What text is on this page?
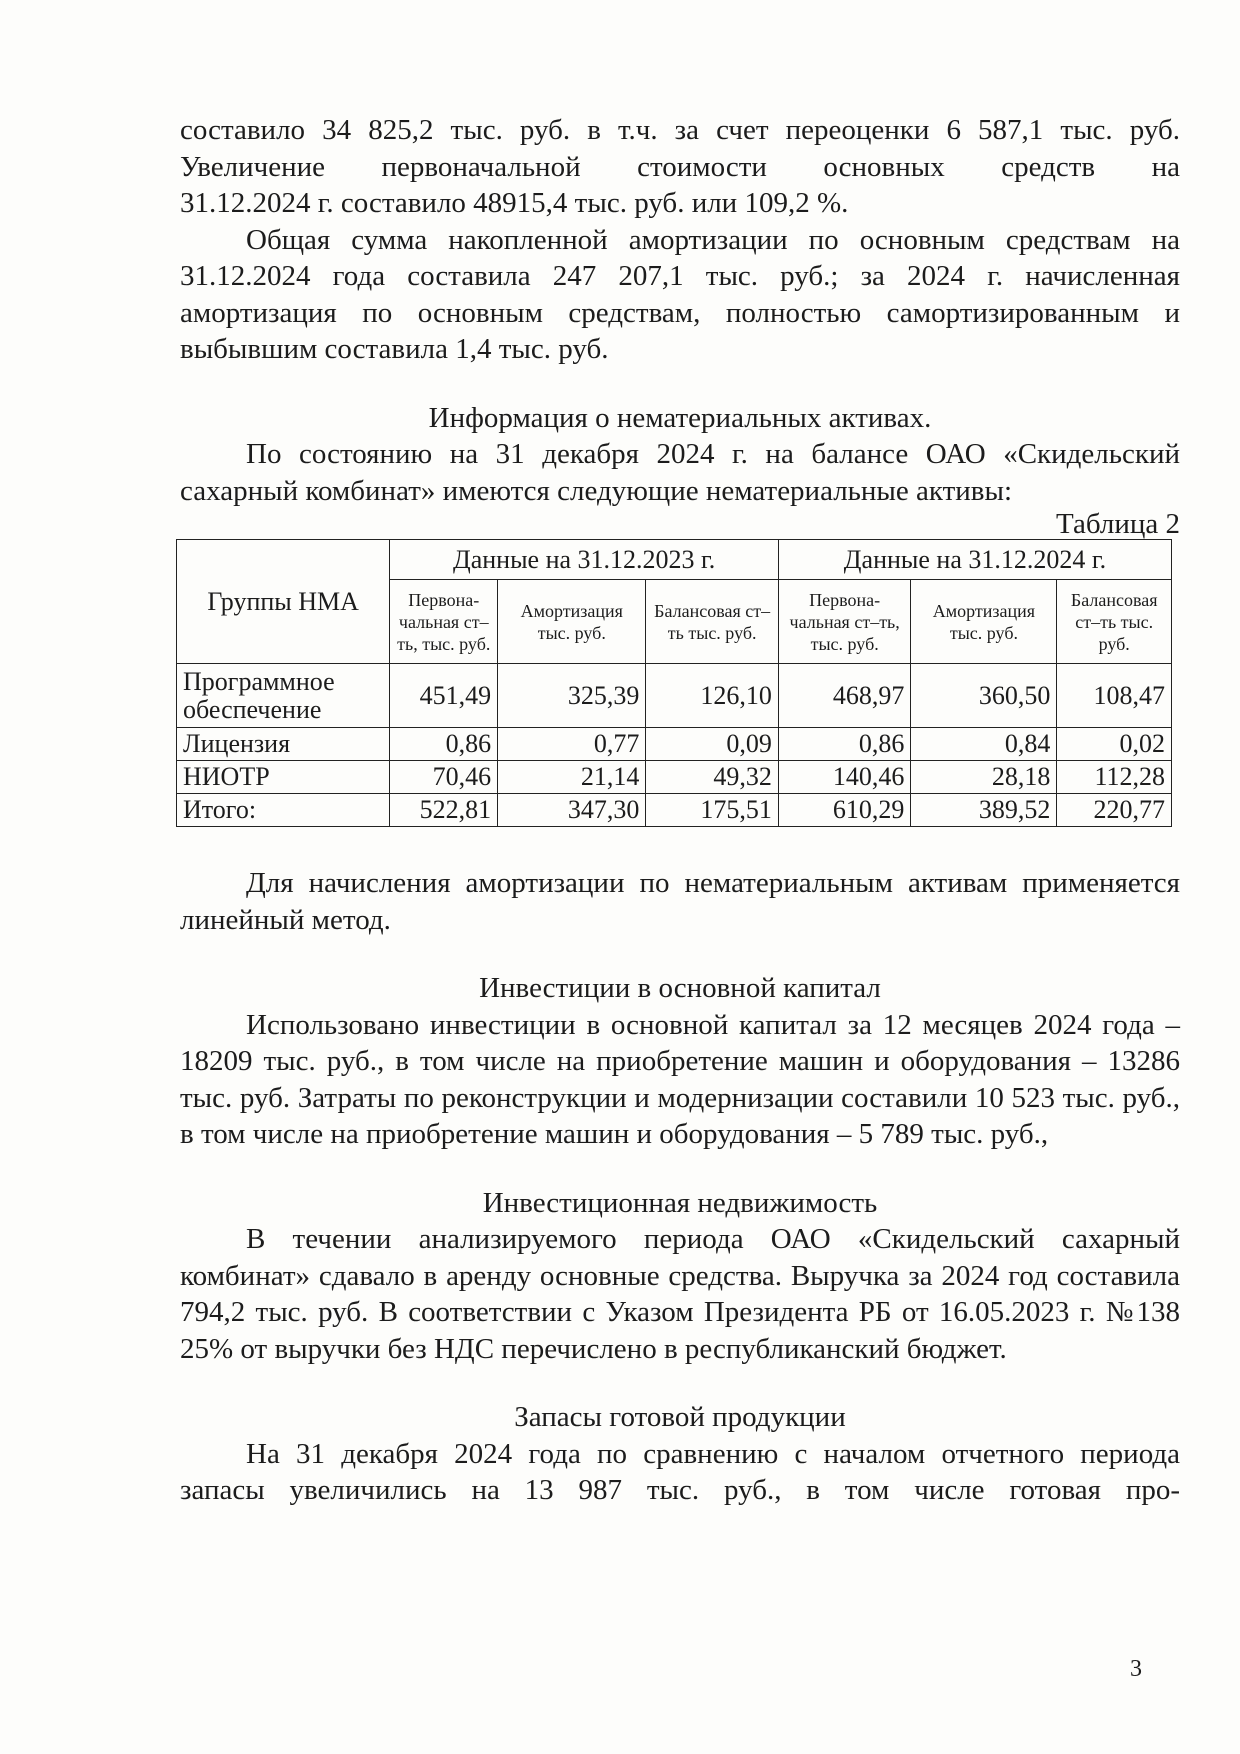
составило 34 825,2 тыс. руб. в т.ч. за счет переоценки 6 587,1 тыс. руб.

Увеличение первоначальной стоимости основных средств на

31.12.2024 г. составило 48915,4 тыс. руб. или 109,2 %.

Общая сумма накопленной амортизации по основным средствам на 31.12.2024 года составила 247 207,1 тыс. руб.; за 2024 г. начисленная амортизация по основным средствам, полностью самортизированным и выбывшим составила 1,4 тыс. руб.

Информация о нематериальных активах.

По состоянию на 31 декабря 2024 г. на балансе ОАО «Скидельский сахарный комбинат» имеются следующие нематериальные активы:

Таблица 2

Группы НМА	Данные на 31.12.2023 г.			Данные на 31.12.2024 г.		
	Первона-чальная ст–ть, тыс. руб.	Амортизация тыс. руб.	Балансовая ст–ть тыс. руб.	Первона-чальная ст–ть, тыс. руб.	Амортизация тыс. руб.	Балансовая ст–ть тыс. руб.
Программное обеспечение	451,49	325,39	126,10	468,97	360,50	108,47
Лицензия	0,86	0,77	0,09	0,86	0,84	0,02
НИОТР	70,46	21,14	49,32	140,46	28,18	112,28
Итого:	522,81	347,30	175,51	610,29	389,52	220,77

Для начисления амортизации по нематериальным активам применяется линейный метод.

Инвестиции в основной капитал

Использовано инвестиции в основной капитал за 12 месяцев 2024 года – 18209 тыс. руб., в том числе на приобретение машин и оборудования – 13286 тыс. руб. Затраты по реконструкции и модернизации составили 10 523 тыс. руб., в том числе на приобретение машин и оборудования – 5 789 тыс. руб.,

Инвестиционная недвижимость

В течении анализируемого периода ОАО «Скидельский сахарный комбинат» сдавало в аренду основные средства. Выручка за 2024 год составила 794,2 тыс. руб. В соответствии с Указом Президента РБ от 16.05.2023 г. №138 25% от выручки без НДС перечислено в республиканский бюджет.

Запасы готовой продукции

На 31 декабря 2024 года по сравнению с началом отчетного периода запасы увеличились на 13 987 тыс. руб., в том числе готовая про-

3
